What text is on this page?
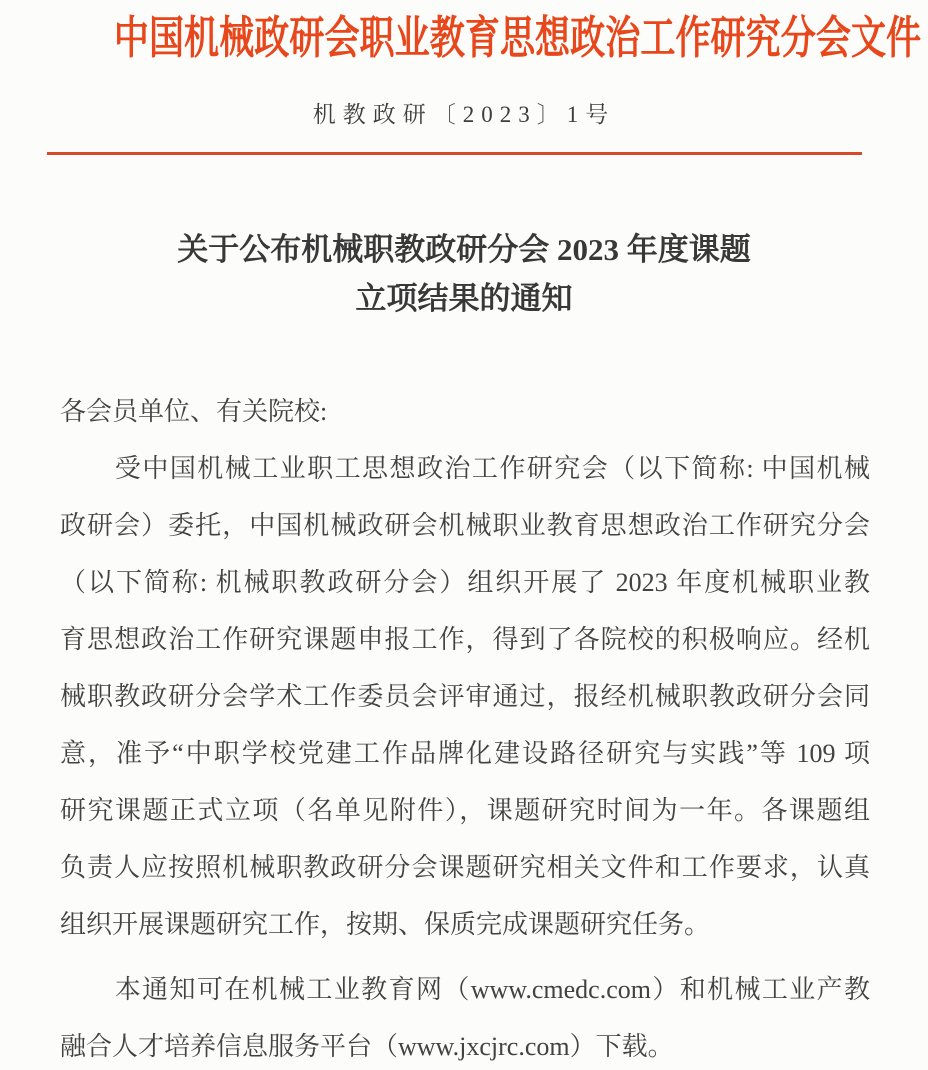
中国机械政研会职业教育思想政治工作研究分会文件
机教政研〔2023〕1号
关于公布机械职教政研分会 2023 年度课题
立项结果的通知
各会员单位、有关院校:
　　受中国机械工业职工思想政治工作研究会（以下简称: 中国机械
政研会）委托，中国机械政研会机械职业教育思想政治工作研究分会
（以下简称: 机械职教政研分会）组织开展了 2023 年度机械职业教
育思想政治工作研究课题申报工作，得到了各院校的积极响应。经机
械职教政研分会学术工作委员会评审通过，报经机械职教政研分会同
意，准予“中职学校党建工作品牌化建设路径研究与实践”等 109 项
研究课题正式立项（名单见附件），课题研究时间为一年。各课题组
负责人应按照机械职教政研分会课题研究相关文件和工作要求，认真
组织开展课题研究工作，按期、保质完成课题研究任务。
　　本通知可在机械工业教育网（www.cmedc.com）和机械工业产教
融合人才培养信息服务平台（www.jxcjrc.com）下载。
